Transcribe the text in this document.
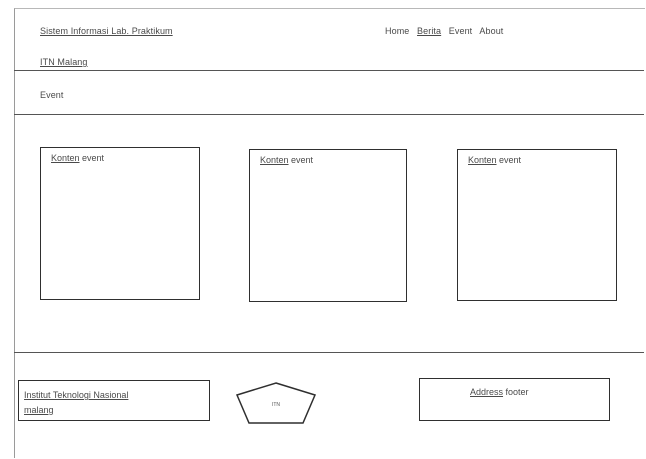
Sistem Informasi Lab. Praktikum
ITN Malang
Home Berita Event About
Event
Konten event	Konten event	Konten event
Institut Teknologi Nasional
malang	ITN
Address footer
